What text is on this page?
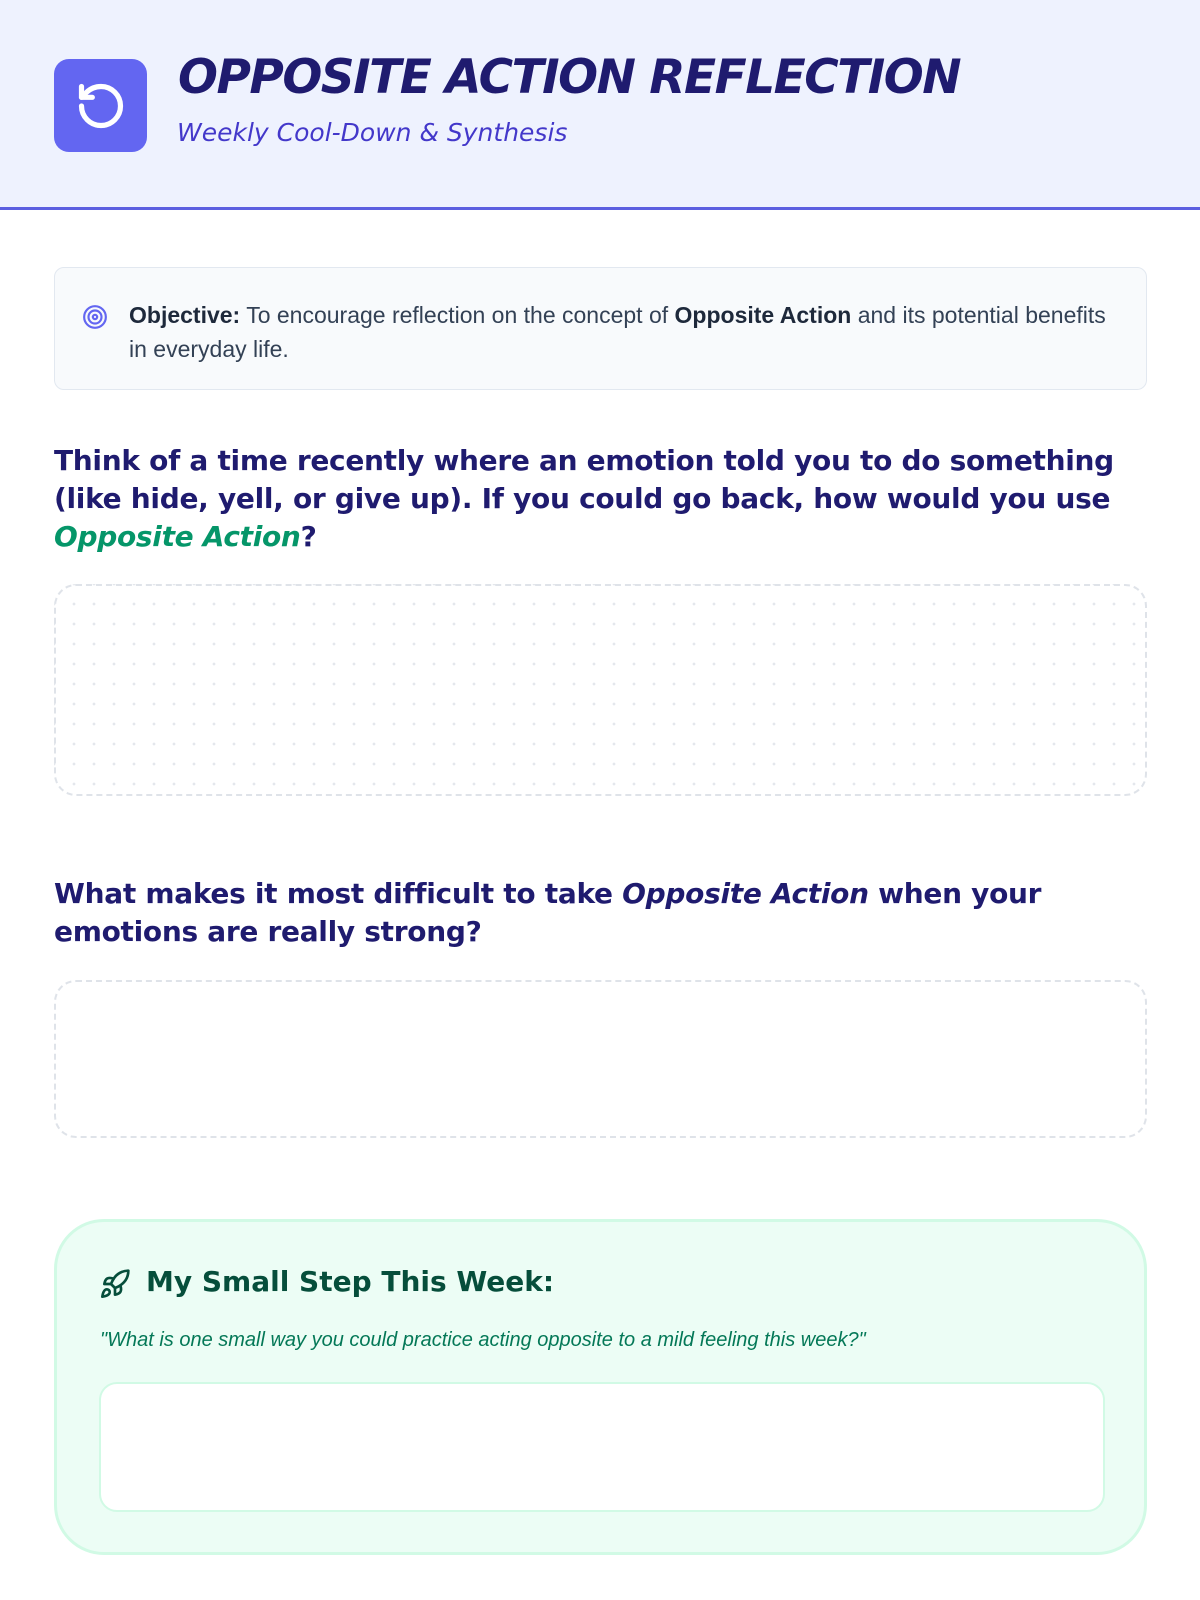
OPPOSITE ACTION REFLECTION
Weekly Cool-Down & Synthesis
Objective: To encourage reflection on the concept of Opposite Action and its potential benefits in everyday life.
Think of a time recently where an emotion told you to do something (like hide, yell, or give up). If you could go back, how would you use Opposite Action?
What makes it most difficult to take Opposite Action when your emotions are really strong?
My Small Step This Week:
"What is one small way you could practice acting opposite to a mild feeling this week?"
